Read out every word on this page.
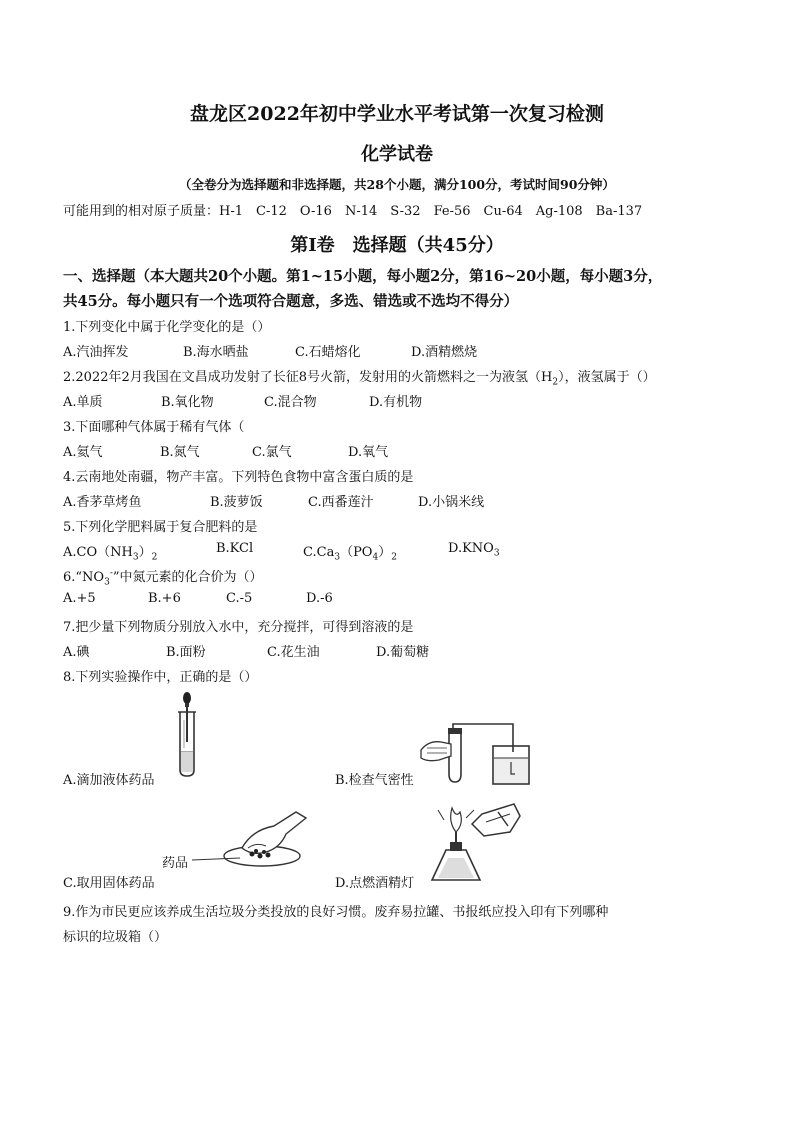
盘龙区2022年初中学业水平考试第一次复习检测
化学试卷
（全卷分为选择题和非选择题，共28个小题，满分100分，考试时间90分钟）
可能用到的相对原子质量：H-1　C-12　O-16　N-14　S-32　Fe-56　Cu-64　Ag-108　Ba-137
第I卷　选择题（共45分）
一、选择题（本大题共20个小题。第1~15小题，每小题2分，第16~20小题，每小题3分，
共45分。每小题只有一个选项符合题意，多选、错选或不选均不得分）
1.下列变化中属于化学变化的是（）
A.汽油挥发	B.海水晒盐	C.石蜡熔化	D.酒精燃烧
2.2022年2月我国在文昌成功发射了长征8号火箭，发射用的火箭燃料之一为液氢$(H_2)$，液氢属于（）
A.单质	B.氧化物	C.混合物	D.有机物
3.下面哪种气体属于稀有气体（
A.氦气	B.氮气	C.氯气	D.氧气
4.云南地处南疆，物产丰富。下列特色食物中富含蛋白质的是
A.香茅草烤鱼	B.菠萝饭	C.西番莲汁	D.小锅米线
5.下列化学肥料属于复合肥料的是
$A.CO(NH_3)_2$
B.KCl	$C.Ca_3(PO_4)_2$
$D.KNO_3$
$6.“NO_3^-$”中氮元素的化合价为（）
A.+5	B.+6	C.-5	D.-6
7.把少量下列物质分别放入水中，充分搅拌，可得到溶液的是
A.碘	B.面粉	C.花生油	D.葡萄糖
8.下列实验操作中，正确的是（）
A.滴加液体药品	B.检查气密性
药品
C.取用固体药品	D.点燃酒精灯
9.作为市民更应该养成生活垃圾分类投放的良好习惯。废弃易拉罐、书报纸应投入印有下列哪种
标识的垃圾箱（）
